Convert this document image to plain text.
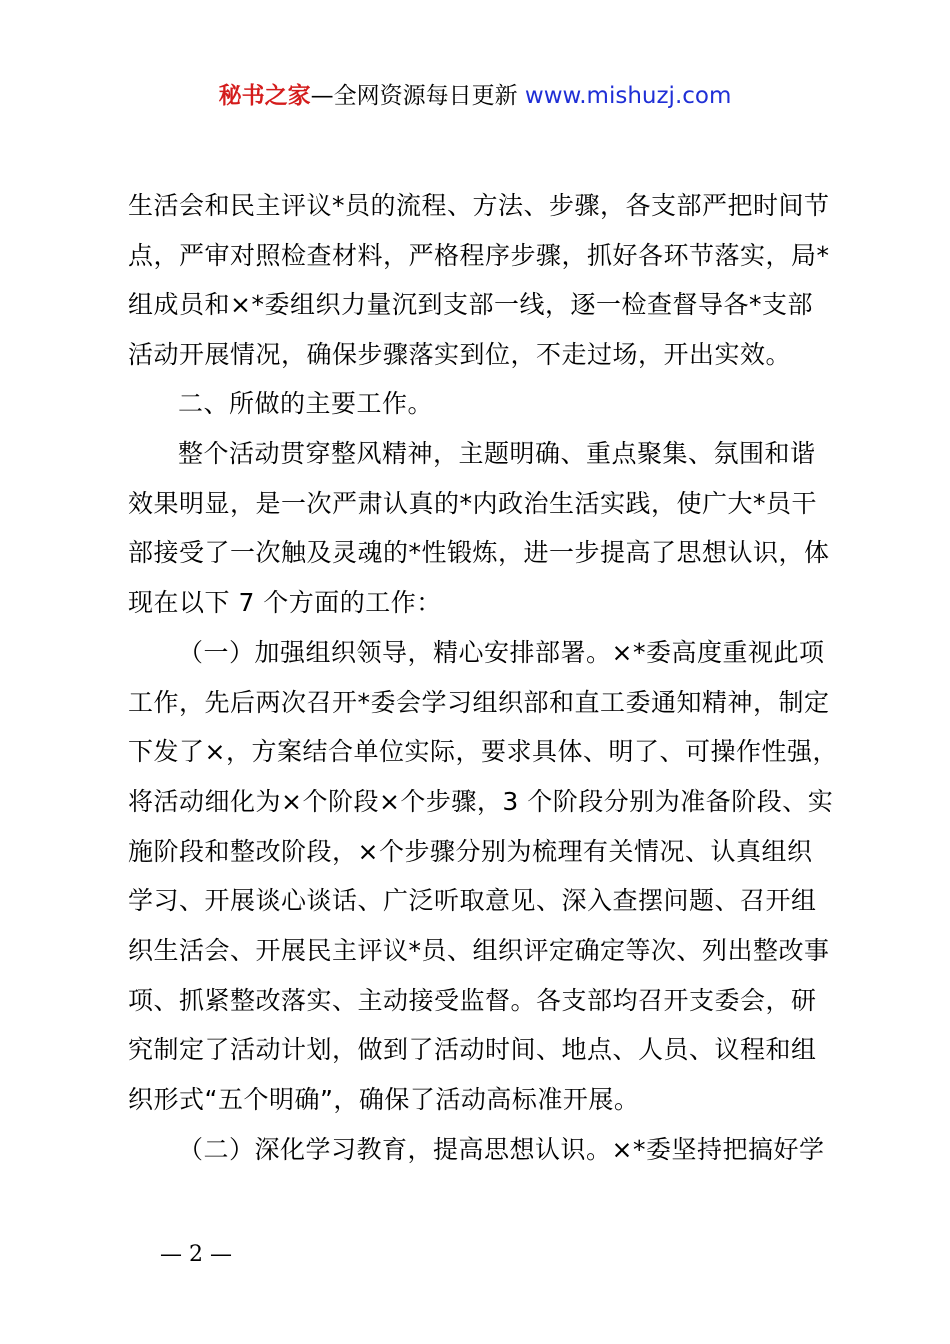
秘书之家—全网资源每日更新 www.mishuzj.com
生活会和民主评议*员的流程、方法、步骤，各支部严把时间节
点，严审对照检查材料，严格程序步骤，抓好各环节落实，局*
组成员和×*委组织力量沉到支部一线，逐一检查督导各*支部
活动开展情况，确保步骤落实到位，不走过场，开出实效。
二、所做的主要工作。
整个活动贯穿整风精神，主题明确、重点聚集、氛围和谐
效果明显，是一次严肃认真的*内政治生活实践，使广大*员干
部接受了一次触及灵魂的*性锻炼，进一步提高了思想认识，体
现在以下 7 个方面的工作：
（一）加强组织领导，精心安排部署。×*委高度重视此项
工作，先后两次召开*委会学习组织部和直工委通知精神，制定
下发了×，方案结合单位实际，要求具体、明了、可操作性强，
将活动细化为×个阶段×个步骤，3 个阶段分别为准备阶段、实
施阶段和整改阶段，×个步骤分别为梳理有关情况、认真组织
学习、开展谈心谈话、广泛听取意见、深入查摆问题、召开组
织生活会、开展民主评议*员、组织评定确定等次、列出整改事
项、抓紧整改落实、主动接受监督。各支部均召开支委会，研
究制定了活动计划，做到了活动时间、地点、人员、议程和组
织形式“五个明确”，确保了活动高标准开展。
（二）深化学习教育，提高思想认识。×*委坚持把搞好学
— 2 —
